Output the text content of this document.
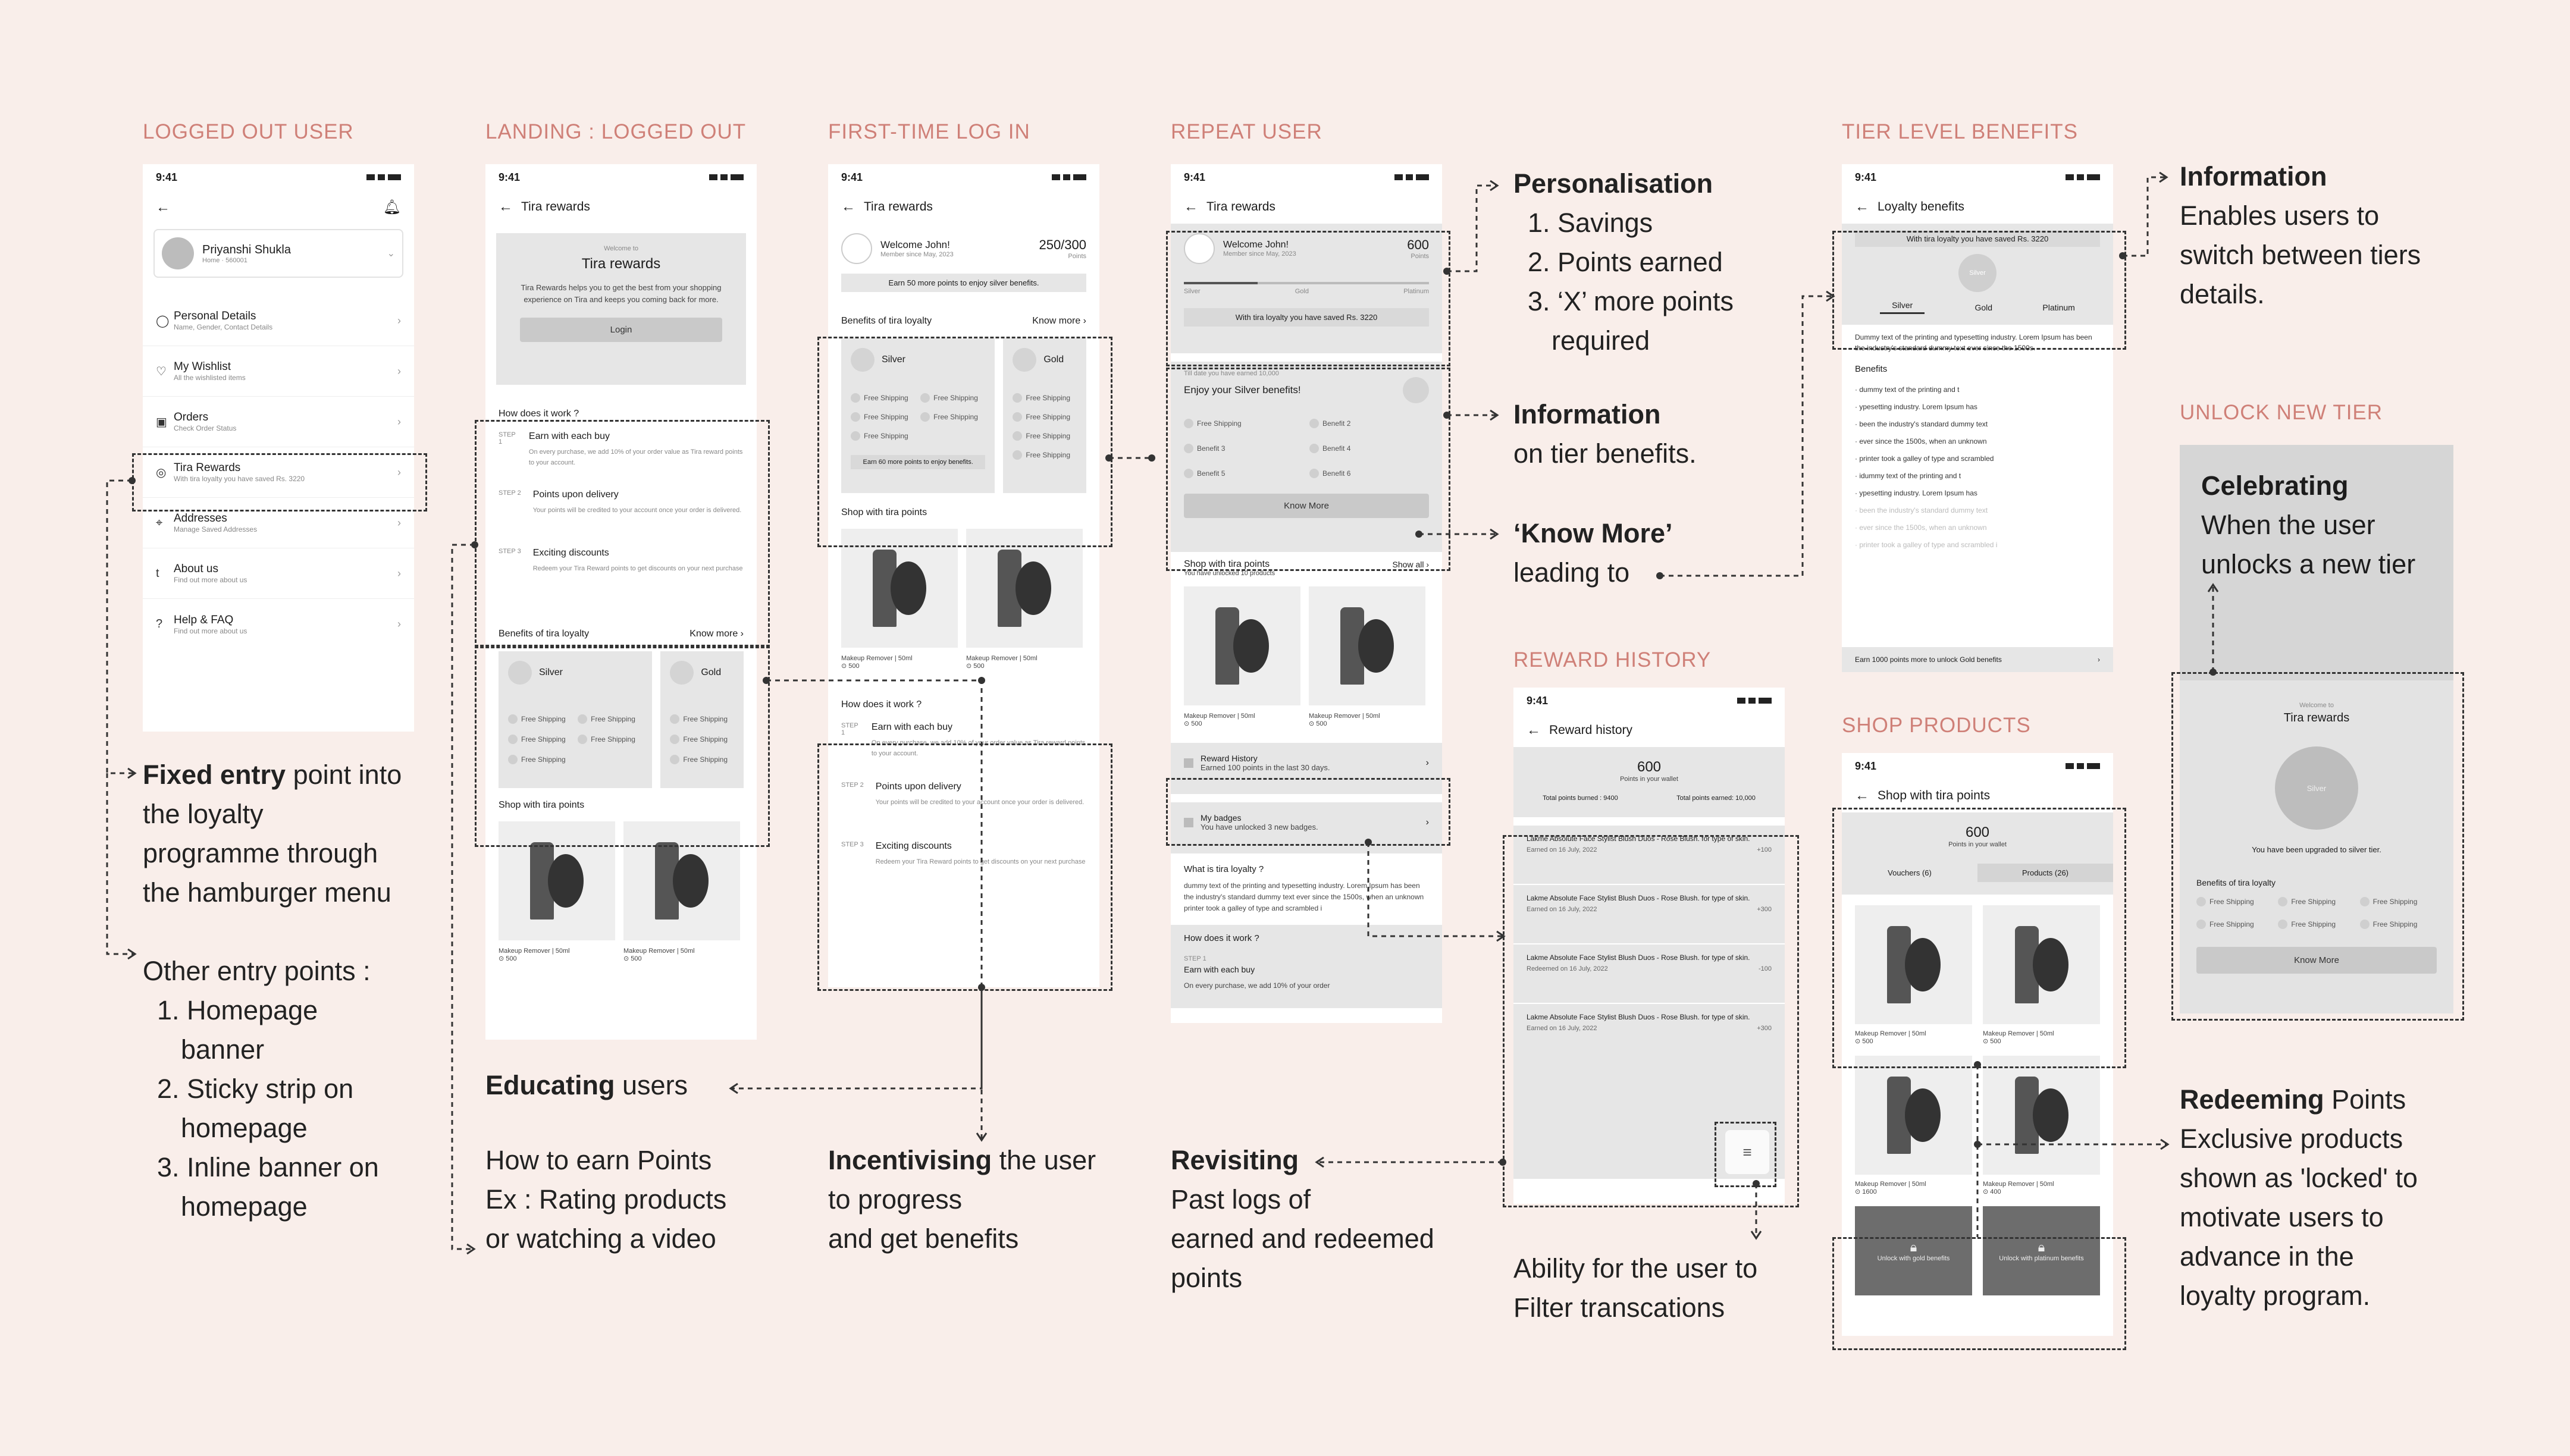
LOGGED OUT USER	LANDING : LOGGED OUT	FIRST-TIME LOG IN	REPEAT USER	TIER LEVEL BENEFITS
REWARD HISTORY
SHOP PRODUCTS
UNLOCK NEW TIER
9:41
←	🔔︎
Priyanshi Shukla
Home · 560001
⌄
◯ Personal Details
Name, Gender, Contact Details
›
♡ My Wishlist
All the wishlisted items
›
▣ Orders
Check Order Status
›
◎ Tira Rewards
With tira loyalty you have saved Rs. 3220
›
⌖ Addresses
Manage Saved Addresses
›
t	About us
Find out more about us
›
? Help & FAQ
Find out more about us
›
9:41
← Tira rewards
Welcome to
Tira rewards
Tira Rewards helps you to get the best from your shopping experience on Tira and keeps you coming back for more.
Login
How does it work ?
STEP 1
Earn with each buy
On every purchase, we add 10% of your order value as Tira reward points to your account.
STEP 2 Points upon delivery
Your points will be credited to your account once your order is delivered.
STEP 3 Exciting discounts
Redeem your Tira Reward points to get discounts on your next purchase
Benefits of tira loyalty	Know more ›
Silver
Free Shipping	Free Shipping
Free Shipping	Free Shipping
Free Shipping
Gold
Free Shipping
Free Shipping
Free Shipping
Shop with tira points
Makeup Remover | 50ml
⊙ 500
Makeup Remover | 50ml
⊙ 500
9:41
← Tira rewards
Welcome John!
Member since May, 2023
250/300
Points
Earn 50 more points to enjoy silver benefits.
Benefits of tira loyalty	Know more ›
Silver
Free Shipping	Free Shipping
Free Shipping	Free Shipping
Free Shipping
Earn 60 more points to enjoy benefits.
Gold
Free Shipping
Free Shipping
Free Shipping
Free Shipping
Shop with tira points
Makeup Remover | 50ml
⊙ 500
Makeup Remover | 50ml
⊙ 500
How does it work ?
STEP 1
Earn with each buy
On every purchase, we add 10% of your order value as Tira reward points to your account.
STEP 2 Points upon delivery
Your points will be credited to your account once your order is delivered.
STEP 3 Exciting discounts
Redeem your Tira Reward points to get discounts on your next purchase
9:41
← Tira rewards
Welcome John!
Member since May, 2023
600
Points
Silver	Gold	Platinum
With tira loyalty you have saved Rs. 3220
Till date you have earned 10,000
Enjoy your Silver benefits!
Free Shipping	Benefit 2
Benefit 3	Benefit 4
Benefit 5	Benefit 6
Know More
Shop with tira points	Show all ›
You have unlocked 10 products
Makeup Remover | 50ml
⊙ 500
Makeup Remover | 50ml
⊙ 500
Reward History
Earned 100 points in the last 30 days.	›
My badges
You have unlocked 3 new badges.	›
What is tira loyalty ?
dummy text of the printing and typesetting industry. Lorem Ipsum has been the industry's standard dummy text ever since the 1500s, when an unknown printer took a galley of type and scrambled i
How does it work ?
STEP 1
Earn with each buy
On every purchase, we add 10% of your order
9:41
← Loyalty benefits
With tira loyalty you have saved Rs. 3220
Silver
Silver	Gold	Platinum
Dummy text of the printing and typesetting industry. Lorem Ipsum has been the industry's standard dummy text ever since the 1500s.
Benefits
· dummy text of the printing and t
· ypesetting industry. Lorem Ipsum has
· been the industry's standard dummy text
· ever since the 1500s, when an unknown
· printer took a galley of type and scrambled
· idummy text of the printing and t
· ypesetting industry. Lorem Ipsum has
· been the industry's standard dummy text
· ever since the 1500s, when an unknown
· printer took a galley of type and scrambled i
Earn 1000 points more to unlock Gold benefits	›
9:41
← Reward history
600
Points in your wallet
Total points burned : 9400	Total points earned: 10,000
Lakme Absolute Face Stylist Blush Duos - Rose Blush. for type of skin.
Earned on 16 July, 2022	+100
Lakme Absolute Face Stylist Blush Duos - Rose Blush. for type of skin.
Earned on 16 July, 2022	+300
Lakme Absolute Face Stylist Blush Duos - Rose Blush. for type of skin.
Redeemed on 16 July, 2022	-100
Lakme Absolute Face Stylist Blush Duos - Rose Blush. for type of skin.
Earned on 16 July, 2022	+300
≡
9:41
← Shop with tira points
600
Points in your wallet
Vouchers (6)	Products (26)
Makeup Remover | 50ml
⊙ 500
Makeup Remover | 50ml
⊙ 500
Makeup Remover | 50ml
⊙ 1600
Makeup Remover | 50ml
⊙ 400
🔒︎
Unlock with gold benefits
🔒︎
Unlock with platinum benefits
Celebrating
When the user
unlocks a new tier
Welcome to
Tira rewards
Silver
You have been upgraded to silver tier.
Benefits of tira loyalty
Free Shipping	Free Shipping	Free Shipping
Free Shipping	Free Shipping	Free Shipping
Know More
Fixed entry point into
the loyalty
programme through
the hamburger menu
Other entry points :
1. Homepage
banner
2. Sticky strip on
homepage
3. Inline banner on
homepage
Educating users
How to earn Points
Ex : Rating products
or watching a video
Incentivising the user
to progress
and get benefits
Revisiting
Past logs of
earned and redeemed
points	Ability for the user to
Filter transcations
Personalisation
1. Savings
2. Points earned
3. ‘X’ more points
required
Information
on tier benefits.
‘Know More’
leading to
Information
Enables users to
switch between tiers
details.
Redeeming Points
Exclusive products
shown as 'locked' to
motivate users to
advance in the
loyalty program.
